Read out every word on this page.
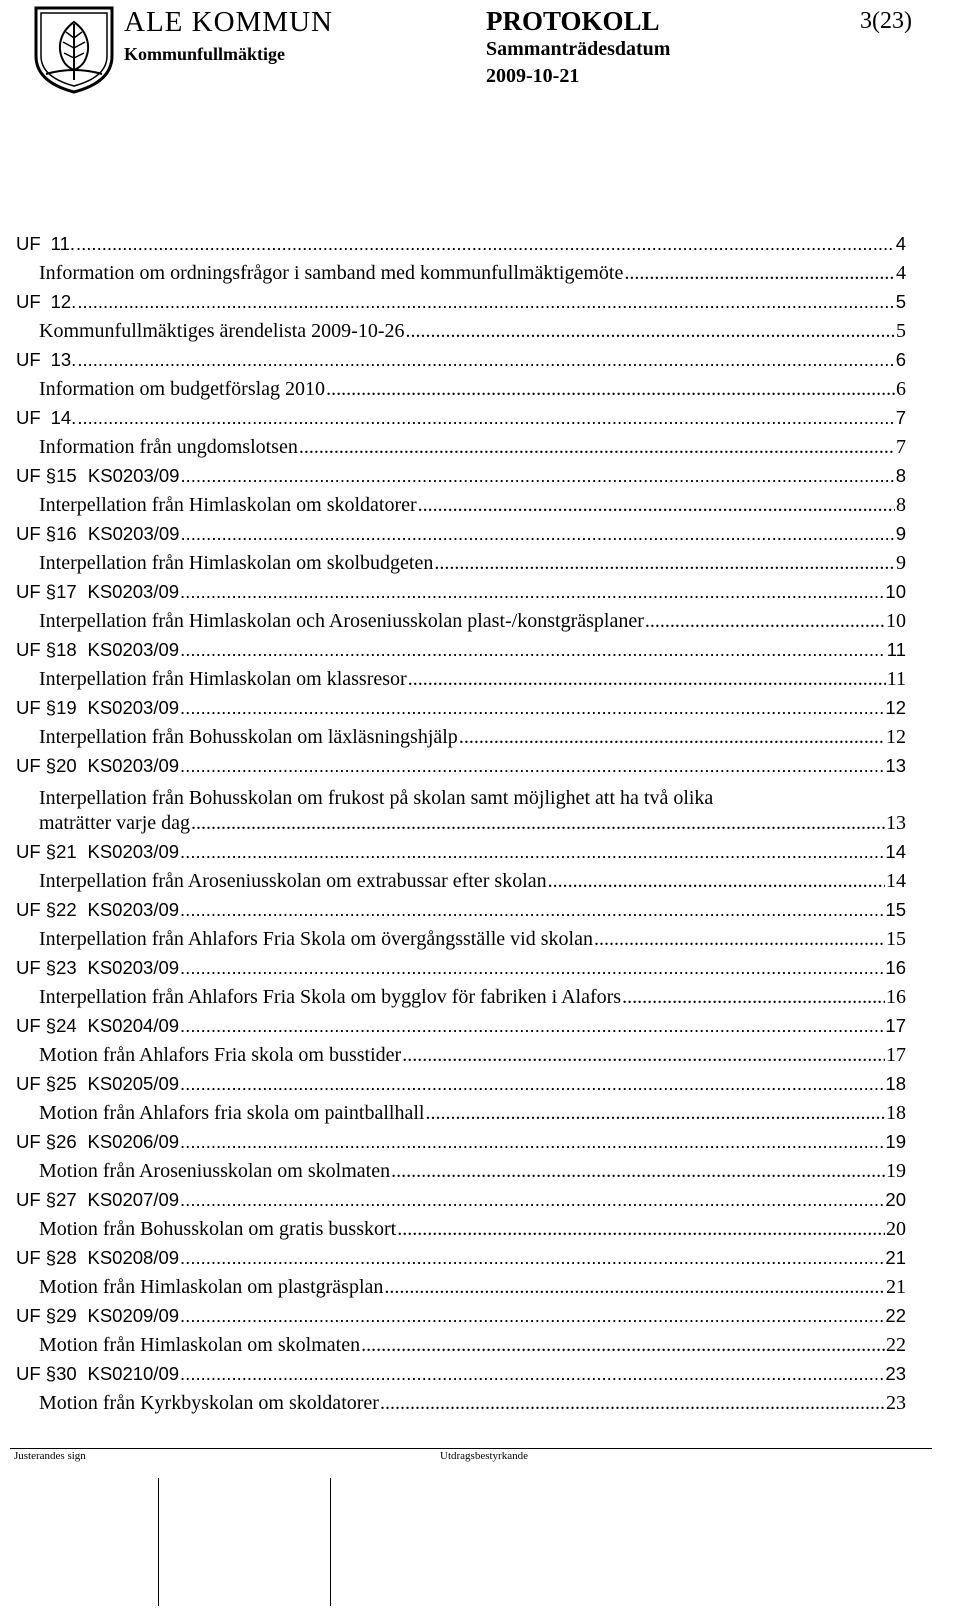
ALE KOMMUN
Kommunfullmäktige
PROTOKOLL	3(23)
Sammanträdesdatum
2009-10-21
UF 11. .....	4
Information om ordningsfrågor i samband med kommunfullmäktigemöte .....	4
UF 12. .....	5
Kommunfullmäktiges ärendelista 2009-10-26 .....	5
UF 13. .....	6
Information om budgetförslag 2010 .....	6
UF 14. .....	7
Information från ungdomslotsen .....	7
UF § 15 KS0203/09 .....	8
Interpellation från Himlaskolan om skoldatorer .....	8
UF § 16 KS0203/09 .....	9
Interpellation från Himlaskolan om skolbudgeten .....	9
UF § 17 KS0203/09 .....	10
Interpellation från Himlaskolan och Aroseniusskolan plast-/konstgräsplaner .....	10
UF § 18 KS0203/09 .....	11
Interpellation från Himlaskolan om klassresor .....	11
UF § 19 KS0203/09 .....	12
Interpellation från Bohusskolan om läxläsningshjälp .....	12
UF § 20 KS0203/09 .....	13
Interpellation från Bohusskolan om frukost på skolan samt möjlighet att ha två olika
maträtter varje dag .....	13
UF § 21 KS0203/09 .....	14
Interpellation från Aroseniusskolan om extrabussar efter skolan .....	14
UF § 22 KS0203/09 .....	15
Interpellation från Ahlafors Fria Skola om övergångsställe vid skolan .....	15
UF § 23 KS0203/09 .....	16
Interpellation från Ahlafors Fria Skola om bygglov för fabriken i Alafors .....	16
UF § 24 KS0204/09 .....	17
Motion från Ahlafors Fria skola om busstider .....	17
UF § 25 KS0205/09 .....	18
Motion från Ahlafors fria skola om paintballhall .....	18
UF § 26 KS0206/09 .....	19
Motion från Aroseniusskolan om skolmaten .....	19
UF § 27 KS0207/09 .....	20
Motion från Bohusskolan om gratis busskort .....	20
UF § 28 KS0208/09 .....	21
Motion från Himlaskolan om plastgräsplan .....	21
UF § 29 KS0209/09 .....	22
Motion från Himlaskolan om skolmaten .....	22
UF § 30 KS0210/09 .....	23
Motion från Kyrkbyskolan om skoldatorer .....	23
Justerandes sign	Utdragsbestyrkande
